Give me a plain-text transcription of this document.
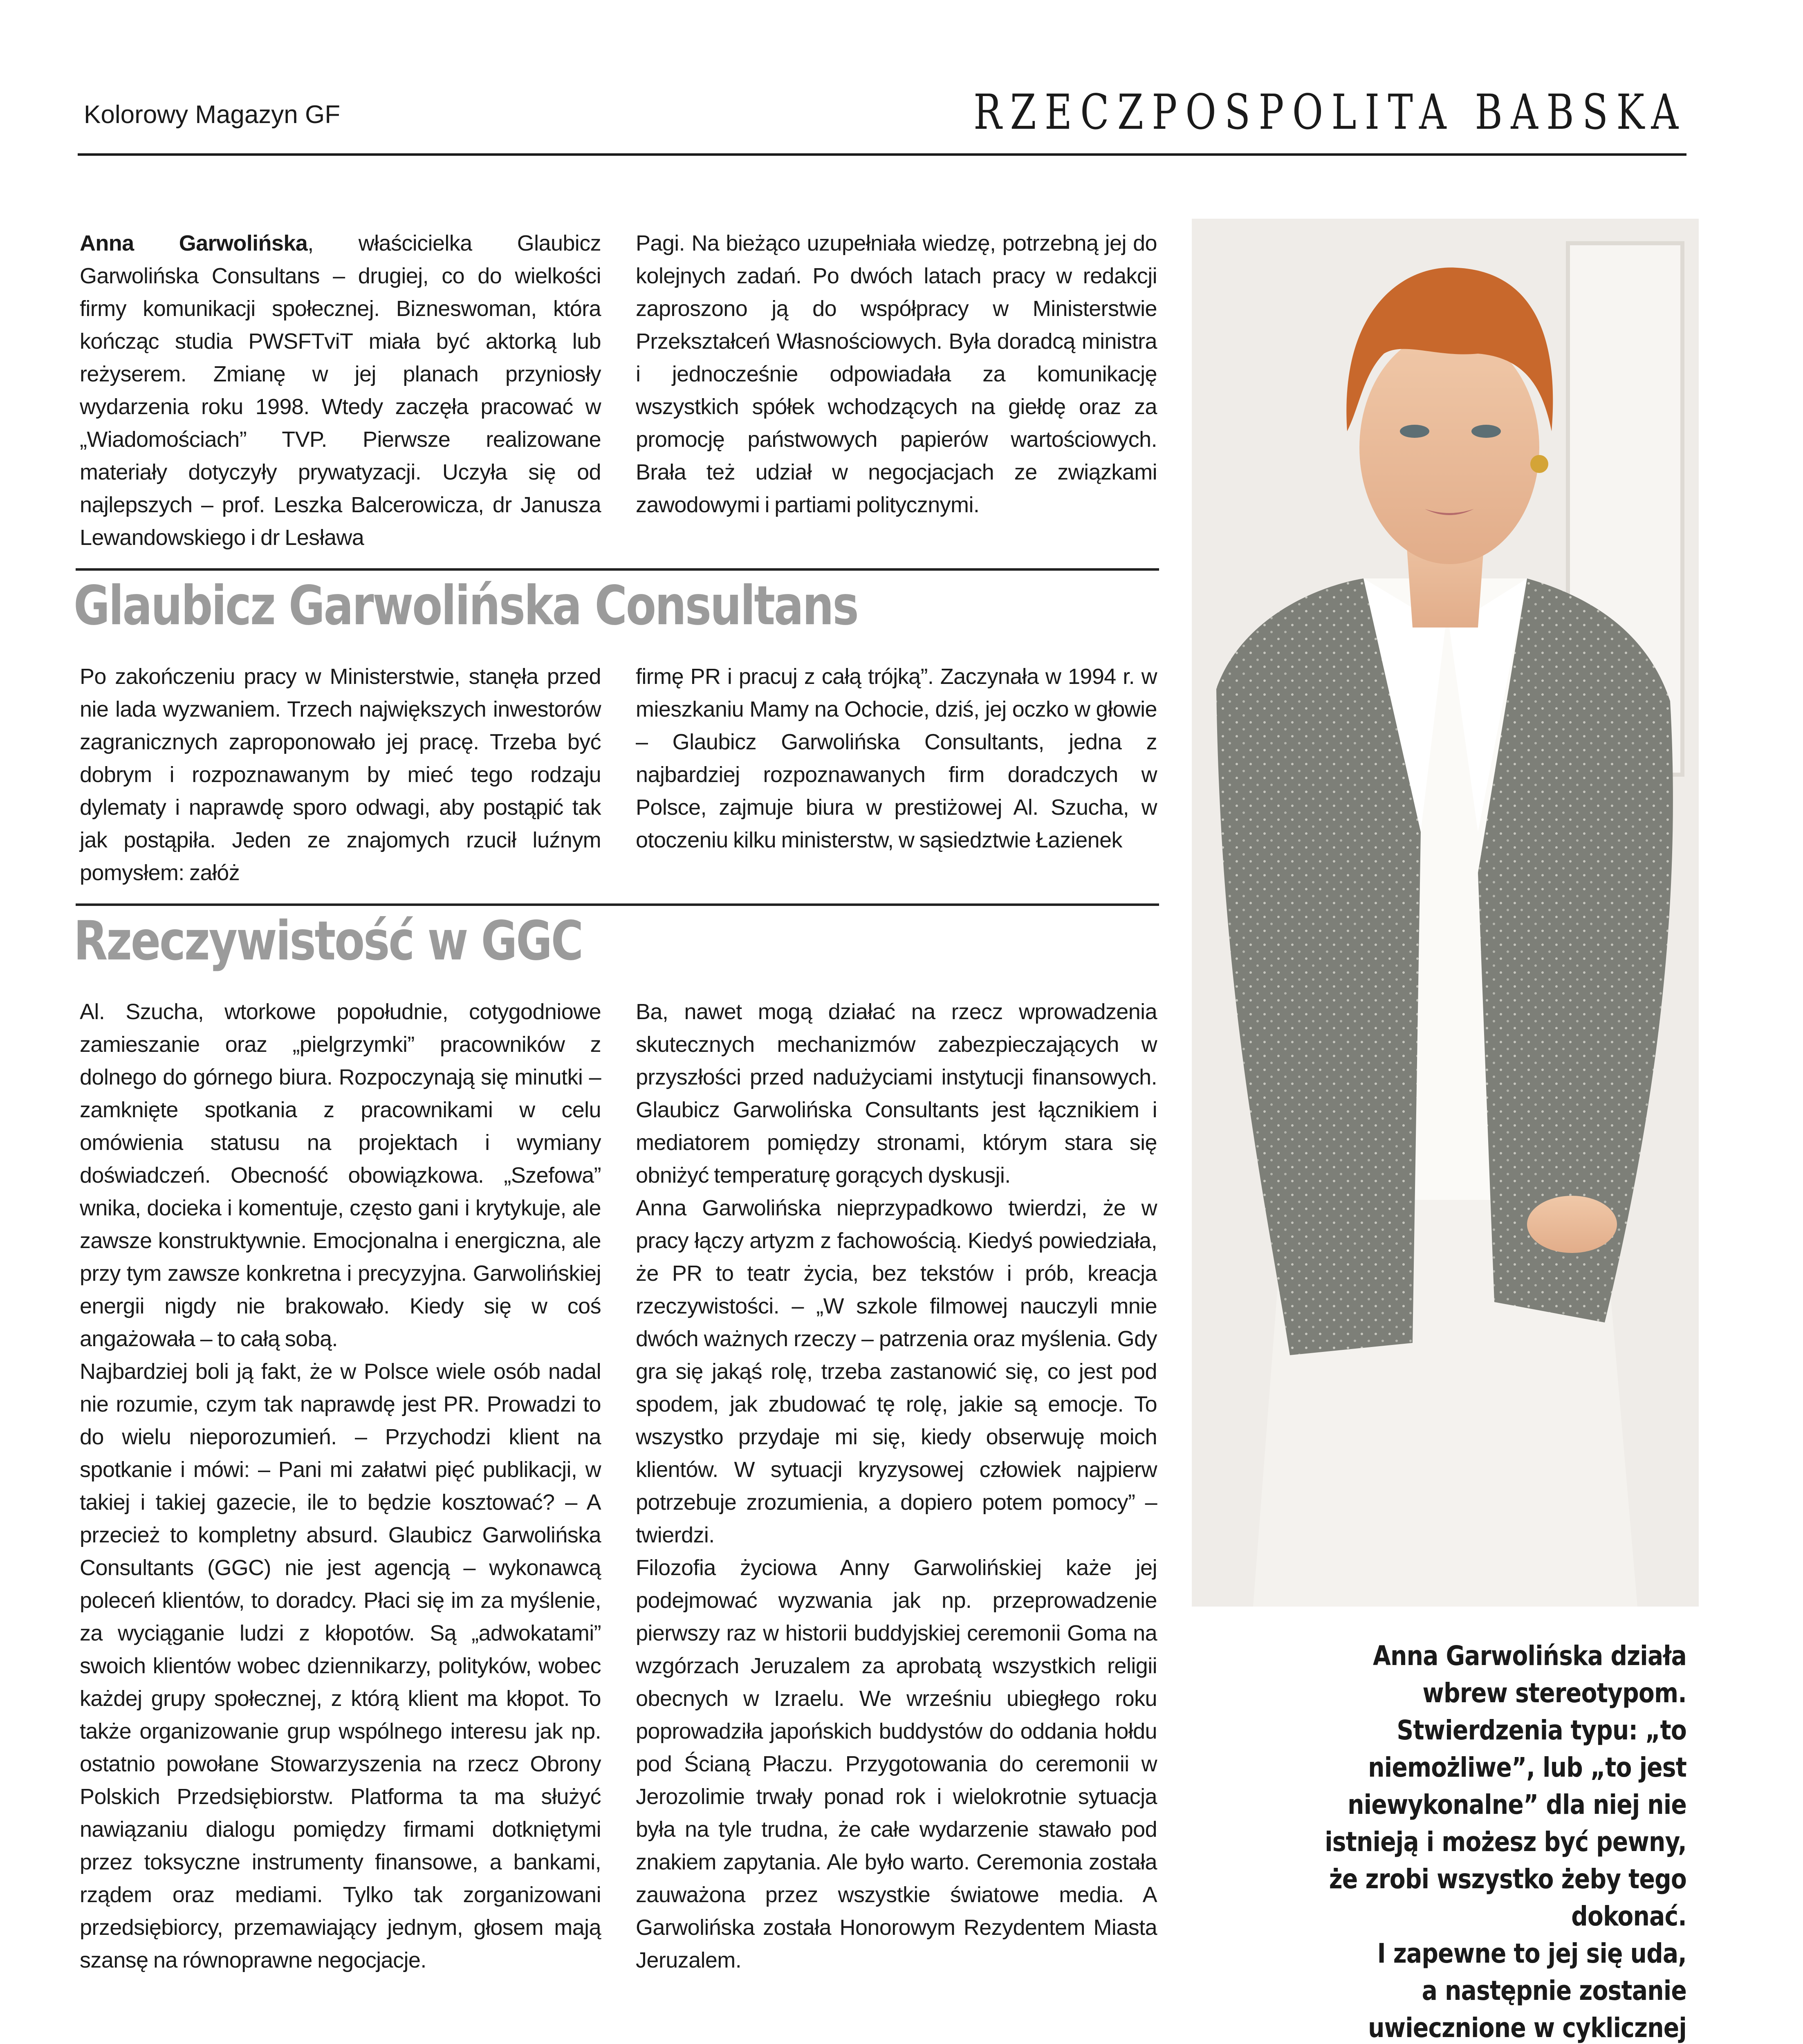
Kolorowy Magazyn GF	RZECZPOSPOLITA BABSKA

Anna Garwolińska, właścicielka Glaubicz Garwolińska Consultans – drugiej, co do wielkości firmy komunikacji społecznej. Bizneswoman, która kończąc studia PWSFTviT miała być aktorką lub reżyserem. Zmianę w jej planach przyniosły wydarzenia roku 1998. Wtedy zaczęła pracować w „Wiadomościach” TVP. Pierwsze realizowane materiały dotyczyły prywatyzacji. Uczyła się od najlepszych – prof. Leszka Balcerowicza, dr Janusza Lewandowskiego i dr Lesława

Pagi. Na bieżąco uzupełniała wiedzę, potrzebną jej do kolejnych zadań. Po dwóch latach pracy w redakcji zaproszono ją do współpracy w Ministerstwie Przekształceń Własnościowych. Była doradcą ministra i jednocześnie odpowiadała za komunikację wszystkich spółek wchodzących na giełdę oraz za promocję państwowych papierów wartościowych. Brała też udział w negocjacjach ze związkami zawodowymi i partiami politycznymi.

Glaubicz Garwolińska Consultans

Po zakończeniu pracy w Ministerstwie, stanęła przed nie lada wyzwaniem. Trzech największych inwestorów zagranicznych zaproponowało jej pracę. Trzeba być dobrym i rozpoznawanym by mieć tego rodzaju dylematy i naprawdę sporo odwagi, aby postąpić tak jak postąpiła. Jeden ze znajomych rzucił luźnym pomysłem: załóż

firmę PR i pracuj z całą trójką”. Zaczynała w 1994 r. w mieszkaniu Mamy na Ochocie, dziś, jej oczko w głowie – Glaubicz Garwolińska Consultants, jedna z najbardziej rozpoznawanych firm doradczych w Polsce, zajmuje biura w prestiżowej Al. Szucha, w otoczeniu kilku ministerstw, w sąsiedztwie Łazienek

Rzeczywistość w GGC

Al. Szucha, wtorkowe popołudnie, cotygodniowe zamieszanie oraz „pielgrzymki” pracowników z dolnego do górnego biura. Rozpoczynają się minutki –zamknięte spotkania z pracownikami w celu omówienia statusu na projektach i wymiany doświadczeń. Obecność obowiązkowa. „Szefowa” wnika, docieka i komentuje, często gani i krytykuje, ale zawsze konstruktywnie. Emocjonalna i energiczna, ale przy tym zawsze konkretna i precyzyjna. Garwolińskiej energii nigdy nie brakowało. Kiedy się w coś angażowała – to całą sobą.

Najbardziej boli ją fakt, że w Polsce wiele osób nadal nie rozumie, czym tak naprawdę jest PR. Prowadzi to do wielu nieporozumień. – Przychodzi klient na spotkanie i mówi: – Pani mi załatwi pięć publikacji, w takiej i takiej gazecie, ile to będzie kosztować? – A przecież to kompletny absurd. Glaubicz Garwolińska Consultants (GGC) nie jest agencją – wykonawcą poleceń klientów, to doradcy. Płaci się im za myślenie, za wyciąganie ludzi z kłopotów. Są „adwokatami” swoich klientów wobec dziennikarzy, polityków, wobec każdej grupy społecznej, z którą klient ma kłopot. To także organizowanie grup wspólnego interesu jak np. ostatnio powołane Stowarzyszenia na rzecz Obrony Polskich Przedsiębiorstw. Platforma ta ma służyć nawiązaniu dialogu pomiędzy firmami dotkniętymi przez toksyczne instrumenty finansowe, a bankami, rządem oraz mediami. Tylko tak zorganizowani przedsiębiorcy, przemawiający jednym, głosem mają szansę na równoprawne negocjacje.

Ba, nawet mogą działać na rzecz wprowadzenia skutecznych mechanizmów zabezpieczających w przyszłości przed nadużyciami instytucji finansowych. Glaubicz Garwolińska Consultants jest łącznikiem i mediatorem pomiędzy stronami, którym stara się obniżyć temperaturę gorących dyskusji.

Anna Garwolińska nieprzypadkowo twierdzi, że w pracy łączy artyzm z fachowością. Kiedyś powiedziała, że PR to teatr życia, bez tekstów i prób, kreacja rzeczywistości. – „W szkole filmowej nauczyli mnie dwóch ważnych rzeczy – patrzenia oraz myślenia. Gdy gra się jakąś rolę, trzeba zastanowić się, co jest pod spodem, jak zbudować tę rolę, jakie są emocje. To wszystko przydaje mi się, kiedy obserwuję moich klientów. W sytuacji kryzysowej człowiek najpierw potrzebuje zrozumienia, a dopiero potem pomocy” – twierdzi.

Filozofia życiowa Anny Garwolińskiej każe jej podejmować wyzwania jak np. przeprowadzenie pierwszy raz w historii buddyjskiej ceremonii Goma na wzgórzach Jeruzalem za aprobatą wszystkich religii obecnych w Izraelu. We wrześniu ubiegłego roku poprowadziła japońskich buddystów do oddania hołdu pod Ścianą Płaczu. Przygotowania do ceremonii w Jerozolimie trwały ponad rok i wielokrotnie sytuacja była na tyle trudna, że całe wydarzenie stawało pod znakiem zapytania. Ale było warto. Ceremonia została zauważona przez wszystkie światowe media. A Garwolińska została Honorowym Rezydentem Miasta Jeruzalem.

Anna Garwolińska działa
wbrew stereotypom.
Stwierdzenia typu: „to
niemożliwe”, lub „to jest
niewykonalne” dla niej nie
istnieją i możesz być pewny,
że zrobi wszystko żeby tego
dokonać.
I zapewne to jej się uda,
a następnie zostanie
uwiecznione w cyklicznej
